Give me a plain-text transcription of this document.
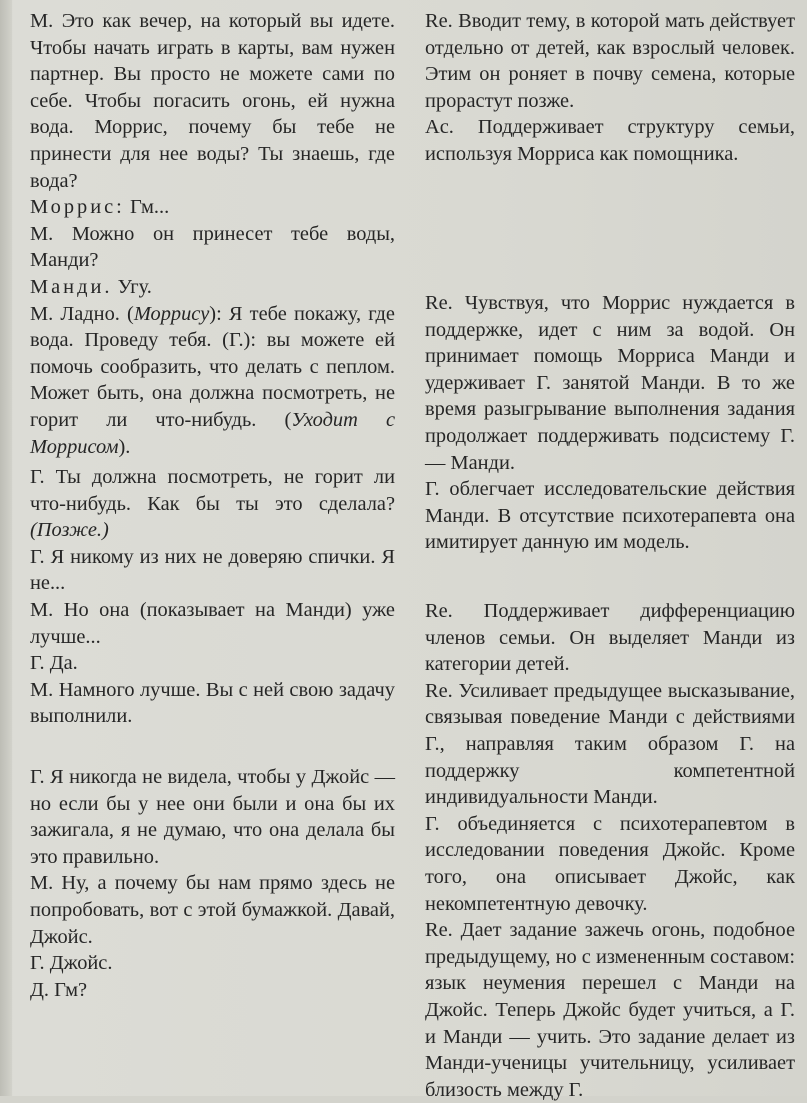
М. Это как вечер, на который вы идете. Чтобы начать играть в карты, вам нужен партнер. Вы просто не можете сами по себе. Чтобы погасить огонь, ей нужна вода. Моррис, почему бы тебе не принести для нее воды? Ты знаешь, где вода?

Моррис: Гм...

М. Можно он принесет тебе воды, Манди?

Манди. Угу.

М. Ладно. (Моррису): Я тебе покажу, где вода. Проведу тебя. (Г.): вы можете ей помочь сообразить, что делать с пеплом. Может быть, она должна посмотреть, не горит ли что-нибудь. (Уходит с Моррисом).

Г. Ты должна посмотреть, не горит ли что-нибудь. Как бы ты это сделала? (Позже.)

Г. Я никому из них не доверяю спички. Я не...

М. Но она (показывает на Манди) уже лучше...

Г. Да.

М. Намного лучше. Вы с ней свою задачу выполнили.

Г. Я никогда не видела, чтобы у Джойс — но если бы у нее они были и она бы их зажигала, я не думаю, что она делала бы это правильно.

М. Ну, а почему бы нам прямо здесь не попробовать, вот с этой бумажкой. Давай, Джойс.

Г. Джойс.

Д. Гм?

Re. Вводит тему, в которой мать действует отдельно от детей, как взрослый человек. Этим он роняет в почву семена, которые прорастут позже.

Ac. Поддерживает структуру семьи, используя Морриса как помощника.

Re. Чувствуя, что Моррис нуждается в поддержке, идет с ним за водой. Он принимает помощь Морриса Манди и удерживает Г. занятой Манди. В то же время разыгрывание выполнения задания продолжает поддерживать подсистему Г. — Манди.

Г. облегчает исследовательские действия Манди. В отсутствие психотерапевта она имитирует данную им модель.

Re. Поддерживает дифференциацию членов семьи. Он выделяет Манди из категории детей.

Re. Усиливает предыдущее высказывание, связывая поведение Манди с действиями Г., направляя таким образом Г. на поддержку компетентной индивидуальности Манди.

Г. объединяется с психотерапевтом в исследовании поведения Джойс. Кроме того, она описывает Джойс, как некомпетентную девочку.

Re. Дает задание зажечь огонь, подобное предыдущему, но с измененным составом: язык неумения перешел с Манди на Джойс. Теперь Джойс будет учиться, а Г. и Манди — учить. Это задание делает из Манди-ученицы учительницу, усиливает близость между Г.
